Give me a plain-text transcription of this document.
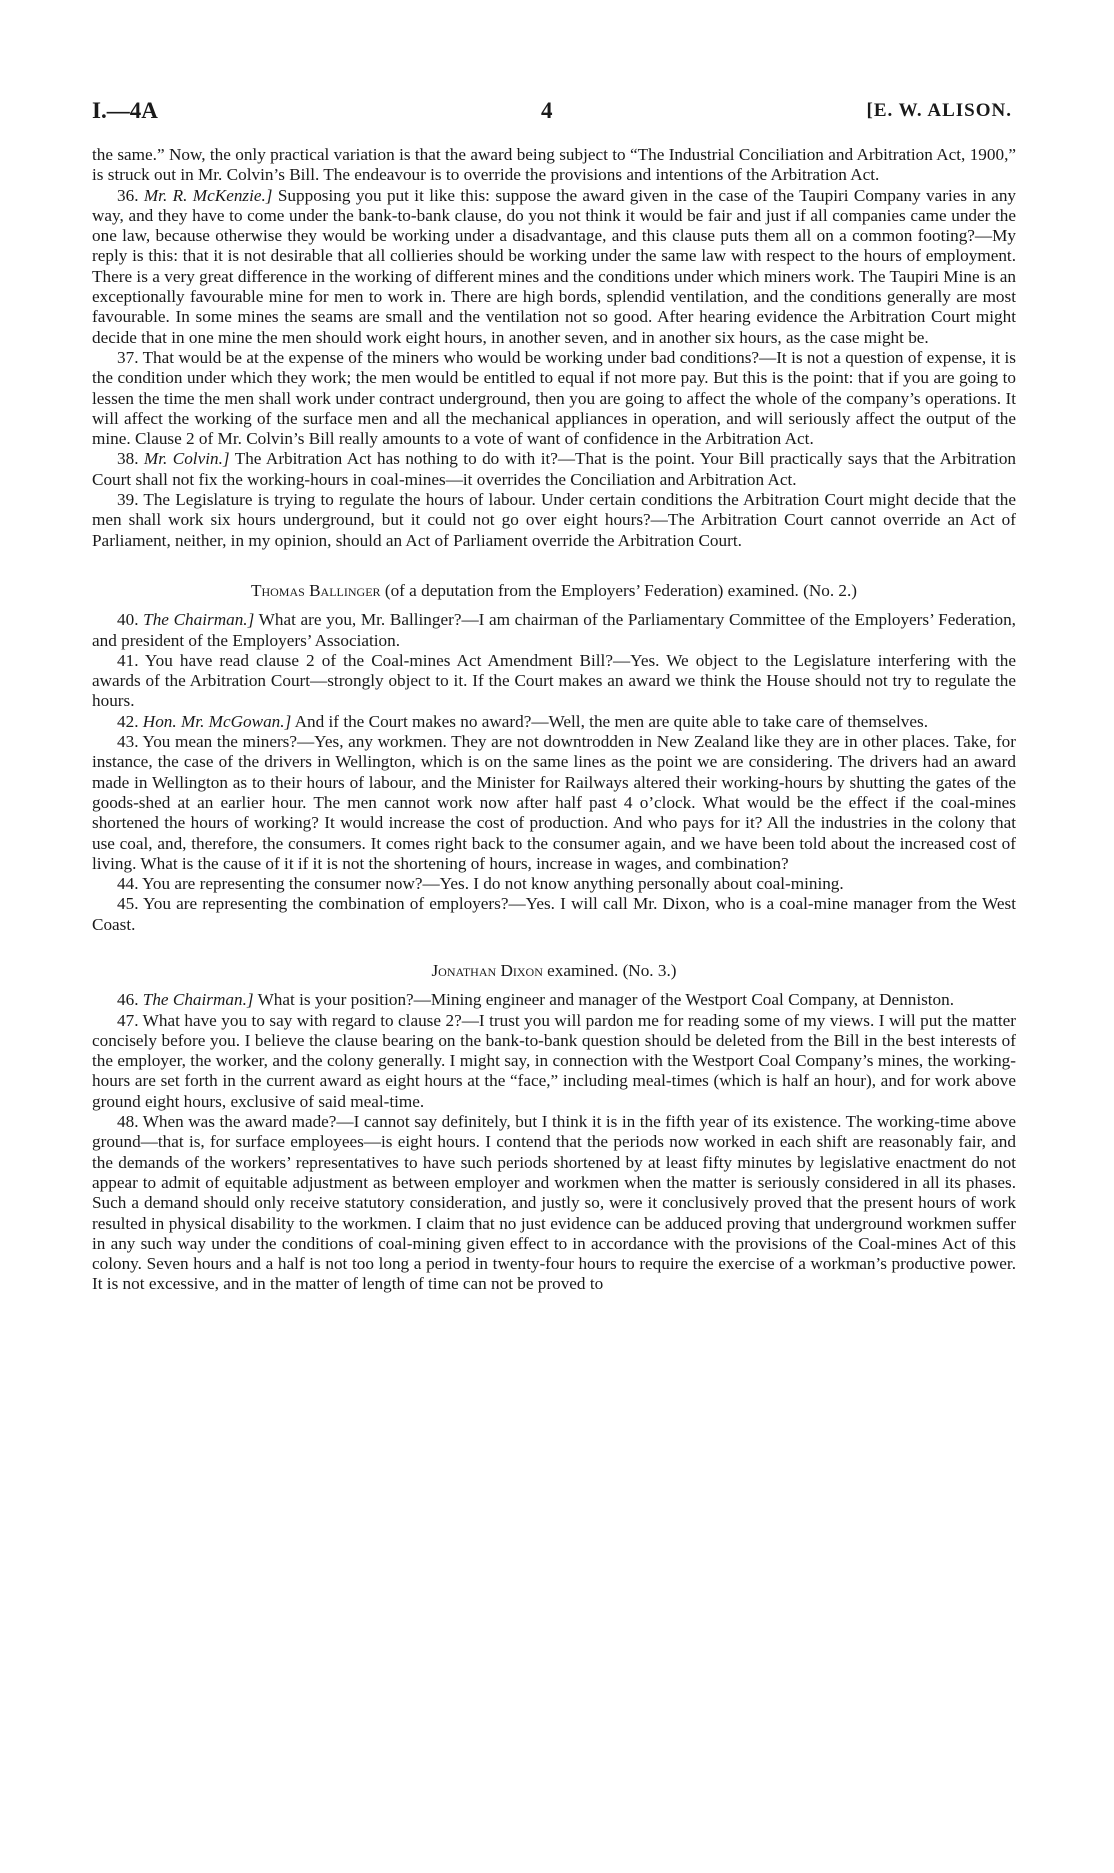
I.—4A	4	[E. W. ALISON.

the same.” Now, the only practical variation is that the award being subject to “The Industrial Conciliation and Arbitration Act, 1900,” is struck out in Mr. Colvin’s Bill. The endeavour is to override the provisions and intentions of the Arbitration Act.

36. Mr. R. McKenzie.] Supposing you put it like this: suppose the award given in the case of the Taupiri Company varies in any way, and they have to come under the bank-to-bank clause, do you not think it would be fair and just if all companies came under the one law, because otherwise they would be working under a disadvantage, and this clause puts them all on a common footing?—My reply is this: that it is not desirable that all collieries should be working under the same law with respect to the hours of employment. There is a very great difference in the working of different mines and the conditions under which miners work. The Taupiri Mine is an exceptionally favourable mine for men to work in. There are high bords, splendid ventilation, and the conditions generally are most favourable. In some mines the seams are small and the ventilation not so good. After hearing evidence the Arbitration Court might decide that in one mine the men should work eight hours, in another seven, and in another six hours, as the case might be.

37. That would be at the expense of the miners who would be working under bad conditions?—It is not a question of expense, it is the condition under which they work; the men would be entitled to equal if not more pay. But this is the point: that if you are going to lessen the time the men shall work under contract underground, then you are going to affect the whole of the company’s operations. It will affect the working of the surface men and all the mechanical appliances in operation, and will seriously affect the output of the mine. Clause 2 of Mr. Colvin’s Bill really amounts to a vote of want of confidence in the Arbitration Act.

38. Mr. Colvin.] The Arbitration Act has nothing to do with it?—That is the point. Your Bill practically says that the Arbitration Court shall not fix the working-hours in coal-mines—it overrides the Conciliation and Arbitration Act.

39. The Legislature is trying to regulate the hours of labour. Under certain conditions the Arbitration Court might decide that the men shall work six hours underground, but it could not go over eight hours?—The Arbitration Court cannot override an Act of Parliament, neither, in my opinion, should an Act of Parliament override the Arbitration Court.

Thomas Ballinger (of a deputation from the Employers’ Federation) examined. (No. 2.)

40. The Chairman.] What are you, Mr. Ballinger?—I am chairman of the Parliamentary Committee of the Employers’ Federation, and president of the Employers’ Association.

41. You have read clause 2 of the Coal-mines Act Amendment Bill?—Yes. We object to the Legislature interfering with the awards of the Arbitration Court—strongly object to it. If the Court makes an award we think the House should not try to regulate the hours.

42. Hon. Mr. McGowan.] And if the Court makes no award?—Well, the men are quite able to take care of themselves.

43. You mean the miners?—Yes, any workmen. They are not downtrodden in New Zealand like they are in other places. Take, for instance, the case of the drivers in Wellington, which is on the same lines as the point we are considering. The drivers had an award made in Wellington as to their hours of labour, and the Minister for Railways altered their working-hours by shutting the gates of the goods-shed at an earlier hour. The men cannot work now after half past 4 o’clock. What would be the effect if the coal-mines shortened the hours of working? It would increase the cost of production. And who pays for it? All the industries in the colony that use coal, and, therefore, the consumers. It comes right back to the consumer again, and we have been told about the increased cost of living. What is the cause of it if it is not the shortening of hours, increase in wages, and combination?

44. You are representing the consumer now?—Yes. I do not know anything personally about coal-mining.

45. You are representing the combination of employers?—Yes. I will call Mr. Dixon, who is a coal-mine manager from the West Coast.

Jonathan Dixon examined. (No. 3.)

46. The Chairman.] What is your position?—Mining engineer and manager of the Westport Coal Company, at Denniston.

47. What have you to say with regard to clause 2?—I trust you will pardon me for reading some of my views. I will put the matter concisely before you. I believe the clause bearing on the bank-to-bank question should be deleted from the Bill in the best interests of the employer, the worker, and the colony generally. I might say, in connection with the Westport Coal Company’s mines, the working-hours are set forth in the current award as eight hours at the “face,” including meal-times (which is half an hour), and for work above ground eight hours, exclusive of said meal-time.

48. When was the award made?—I cannot say definitely, but I think it is in the fifth year of its existence. The working-time above ground—that is, for surface employees—is eight hours. I contend that the periods now worked in each shift are reasonably fair, and the demands of the workers’ representatives to have such periods shortened by at least fifty minutes by legislative enactment do not appear to admit of equitable adjustment as between employer and workmen when the matter is seriously considered in all its phases. Such a demand should only receive statutory consideration, and justly so, were it conclusively proved that the present hours of work resulted in physical disability to the workmen. I claim that no just evidence can be adduced proving that underground workmen suffer in any such way under the conditions of coal-mining given effect to in accordance with the provisions of the Coal-mines Act of this colony. Seven hours and a half is not too long a period in twenty-four hours to require the exercise of a workman’s productive power. It is not excessive, and in the matter of length of time can not be proved to
